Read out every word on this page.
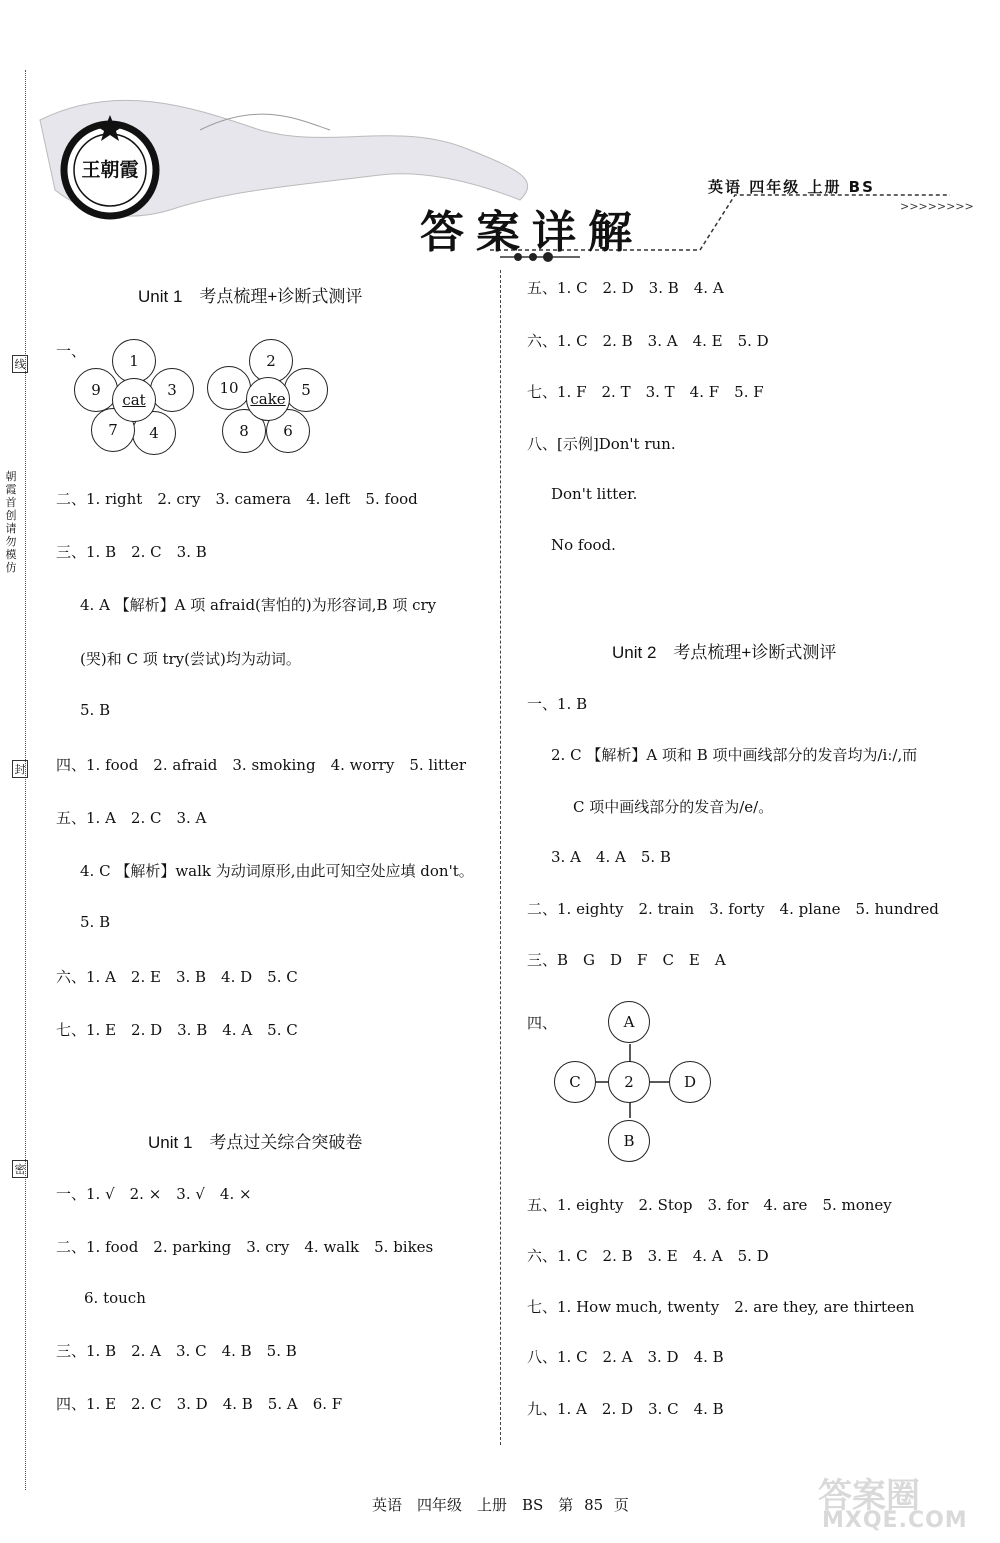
>>>>>>>>
王朝霞
英语 四年级 上册 BS
答案详解
线
朝霞首创请勿模仿
封
密
Unit 1　考点梳理+诊断式测评
一、
1
3
4
7
9
cat
2
5
6
8
10
cake
二、1. right　2. cry　3. camera　4. left　5. food
三、1. B　2. C　3. B
4. A 【解析】A 项 afraid(害怕的)为形容词,B 项 cry
(哭)和 C 项 try(尝试)均为动词。
5. B
四、1. food　2. afraid　3. smoking　4. worry　5. litter
五、1. A　2. C　3. A
4. C 【解析】walk 为动词原形,由此可知空处应填 don't。
5. B
六、1. A　2. E　3. B　4. D　5. C
七、1. E　2. D　3. B　4. A　5. C
Unit 1　考点过关综合突破卷
一、1. √　2. ×　3. √　4. ×
二、1. food　2. parking　3. cry　4. walk　5. bikes
6. touch
三、1. B　2. A　3. C　4. B　5. B
四、1. E　2. C　3. D　4. B　5. A　6. F
五、1. C　2. D　3. B　4. A
六、1. C　2. B　3. A　4. E　5. D
七、1. F　2. T　3. T　4. F　5. F
八、[示例]Don't run.
Don't litter.
No food.
Unit 2　考点梳理+诊断式测评
一、1. B
2. C 【解析】A 项和 B 项中画线部分的发音均为/iː/,而
C 项中画线部分的发音为/e/。
3. A　4. A　5. B
二、1. eighty　2. train　3. forty　4. plane　5. hundred
三、B　G　D　F　C　E　A
四、	A
C	2	D
B
五、1. eighty　2. Stop　3. for　4. are　5. money
六、1. C　2. B　3. E　4. A　5. D
七、1. How much, twenty　2. are they, are thirteen
八、1. C　2. A　3. D　4. B
九、1. A　2. D　3. C　4. B
英语　四年级　上册　BS　第 85 页	答案圈
MXQE.COM
